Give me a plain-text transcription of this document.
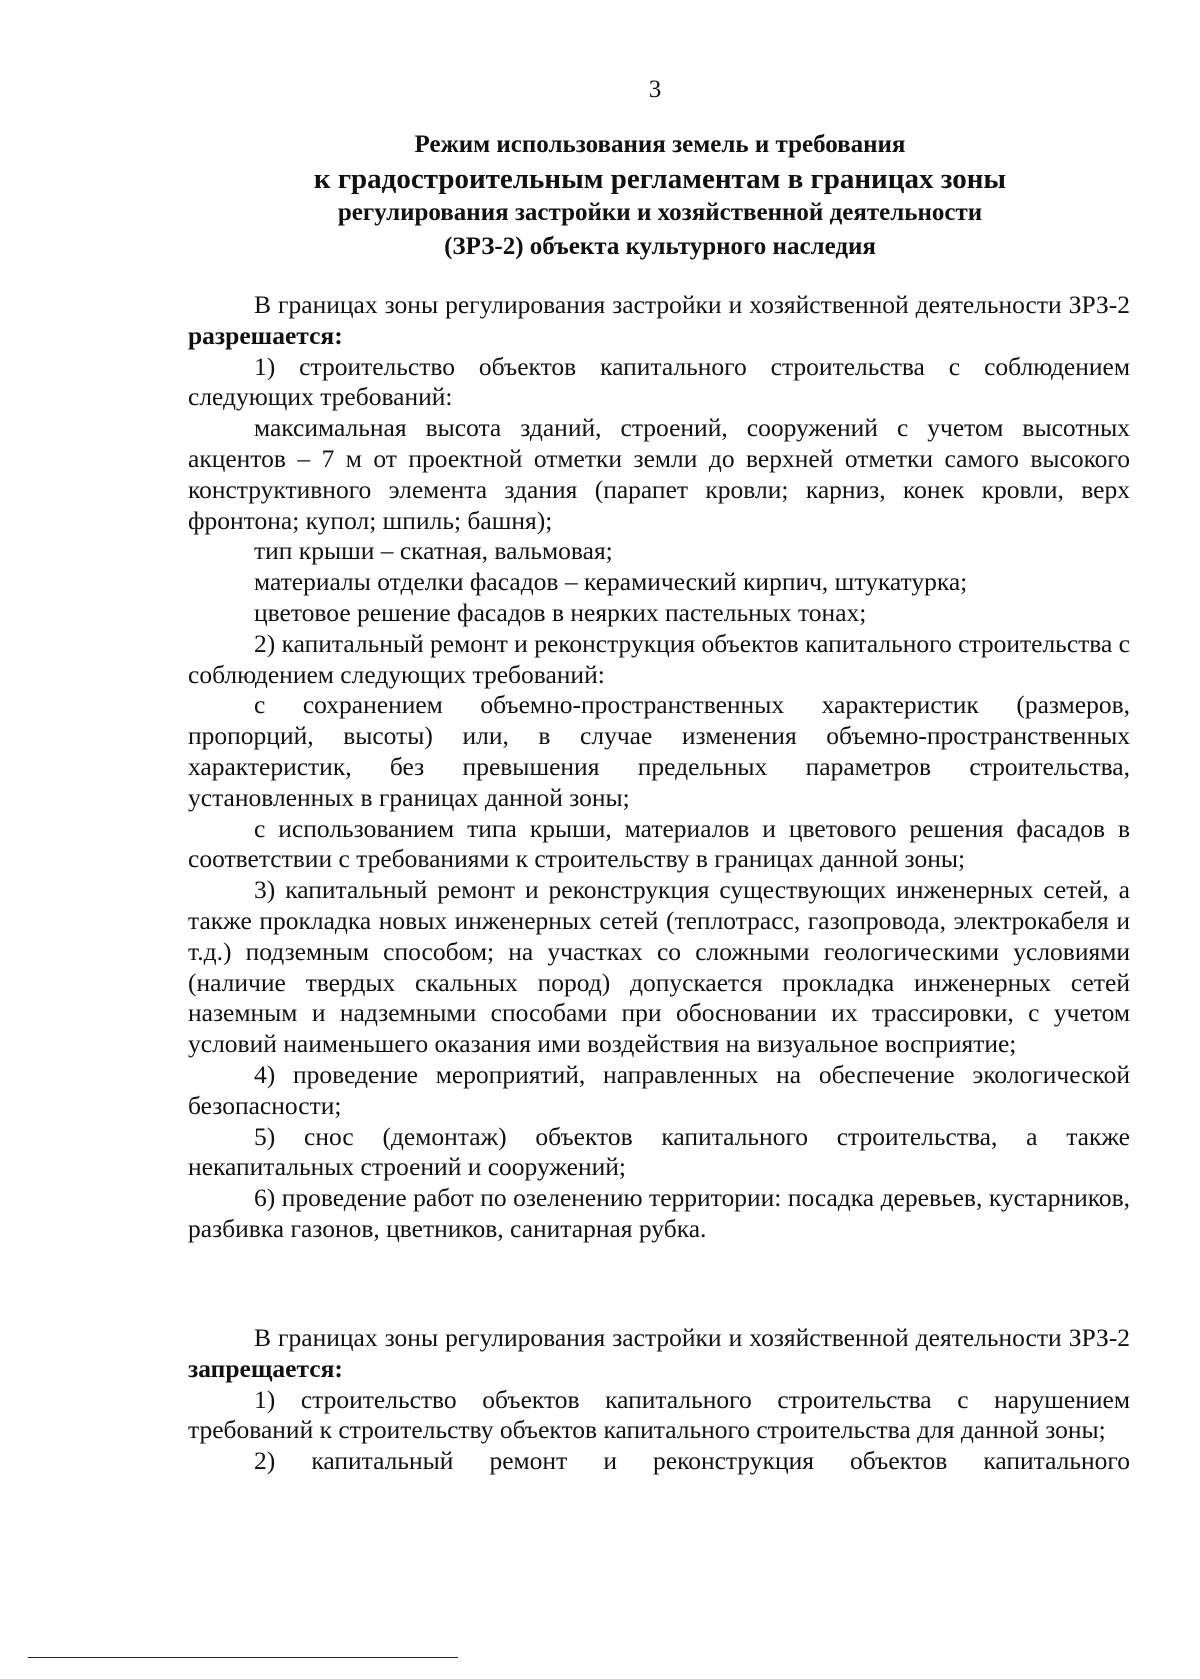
3
Режим использования земель и требования
к градостроительным регламентам в границах зоны
регулирования застройки и хозяйственной деятельности
(ЗРЗ-2) объекта культурного наследия

В границах зоны регулирования застройки и хозяйственной деятельности ЗРЗ-2 разрешается:

1) строительство объектов капитального строительства с соблюдением следующих требований:

максимальная высота зданий, строений, сооружений с учетом высотных акцентов – 7 м от проектной отметки земли до верхней отметки самого высокого конструктивного элемента здания (парапет кровли; карниз, конек кровли, верх фронтона; купол; шпиль; башня);

тип крыши – скатная, вальмовая;

материалы отделки фасадов – керамический кирпич, штукатурка;

цветовое решение фасадов в неярких пастельных тонах;

2) капитальный ремонт и реконструкция объектов капитального строительства с соблюдением следующих требований:

с сохранением объемно-пространственных характеристик (размеров, пропорций, высоты) или, в случае изменения объемно-пространственных характеристик, без превышения предельных параметров строительства, установленных в границах данной зоны;

с использованием типа крыши, материалов и цветового решения фасадов в соответствии с требованиями к строительству в границах данной зоны;

3) капитальный ремонт и реконструкция существующих инженерных сетей, а также прокладка новых инженерных сетей (теплотрасс, газопровода, электрокабеля и т.д.) подземным способом; на участках со сложными геологическими условиями (наличие твердых скальных пород) допускается прокладка инженерных сетей наземным и надземными способами при обосновании их трассировки, с учетом условий наименьшего оказания ими воздействия на визуальное восприятие;

4) проведение мероприятий, направленных на обеспечение экологической безопасности;

5) снос (демонтаж) объектов капитального строительства, а также некапитальных строений и сооружений;

6) проведение работ по озеленению территории: посадка деревьев, кустарников, разбивка газонов, цветников, санитарная рубка.

В границах зоны регулирования застройки и хозяйственной деятельности ЗРЗ-2 запрещается:

1) строительство объектов капитального строительства с нарушением требований к строительству объектов капитального строительства для данной зоны;

2) капитальный ремонт и реконструкция объектов капитального
